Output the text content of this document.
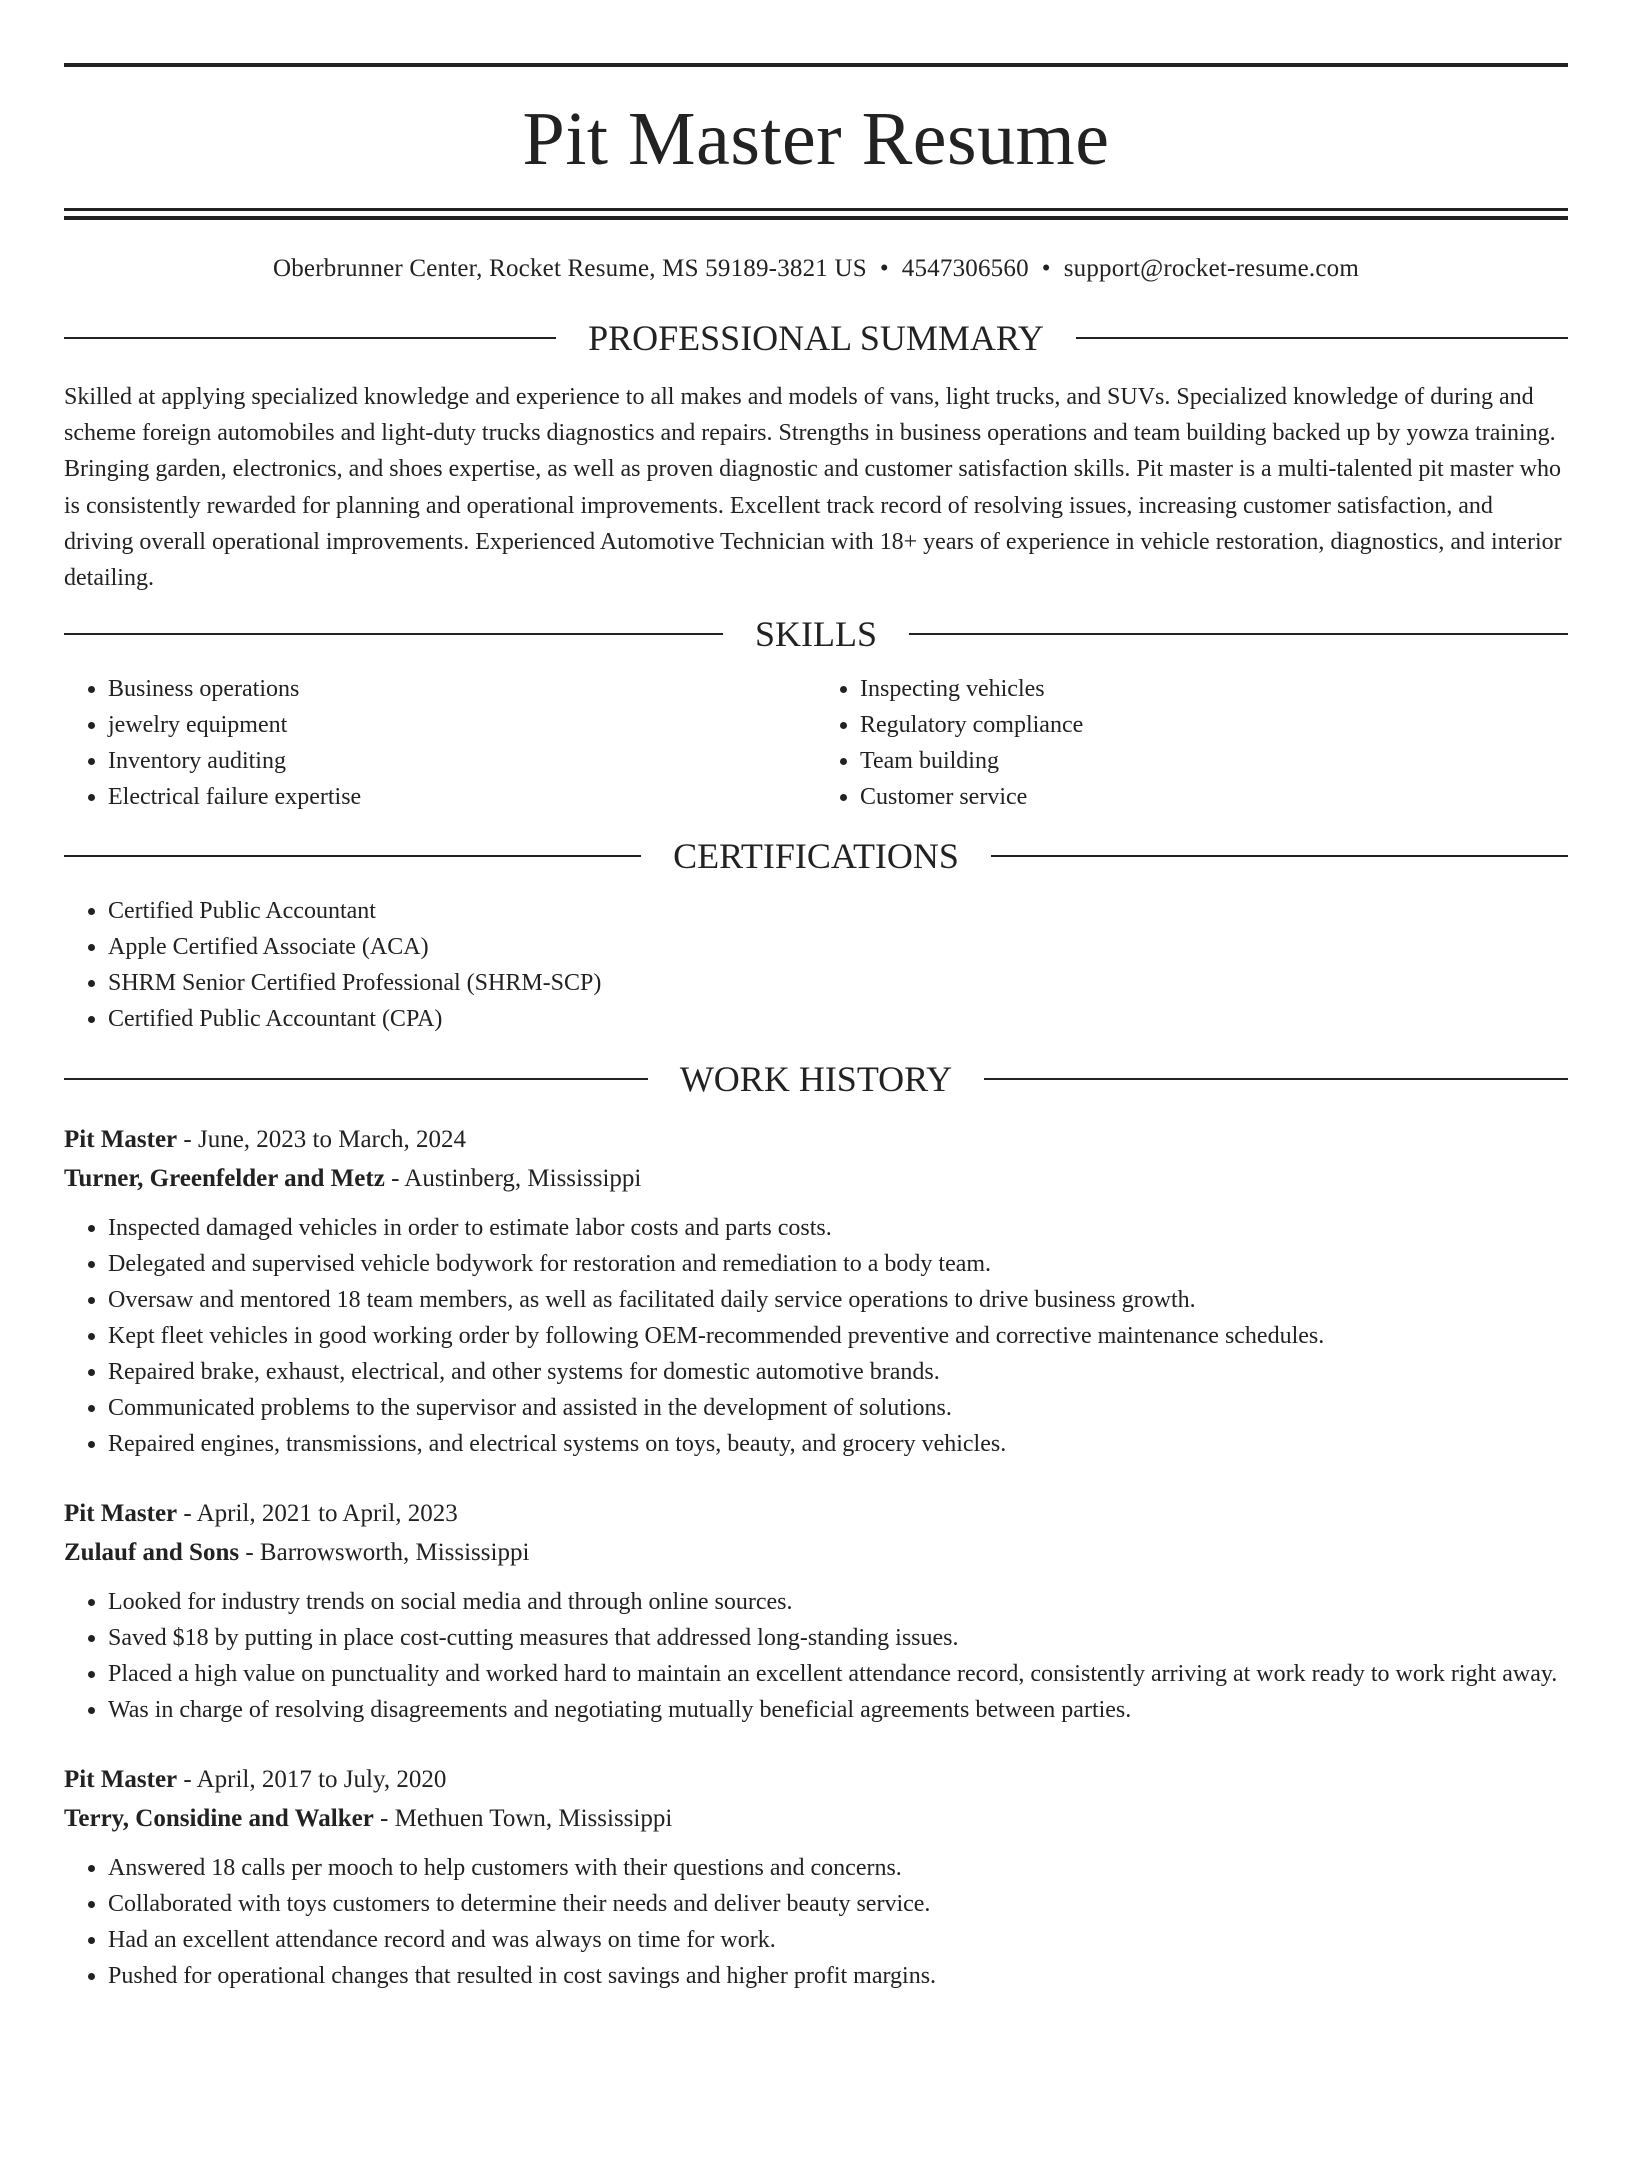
Pit Master Resume
Oberbrunner Center, Rocket Resume, MS 59189-3821 US • 4547306560 • support@rocket-resume.com
PROFESSIONAL SUMMARY
Skilled at applying specialized knowledge and experience to all makes and models of vans, light trucks, and SUVs. Specialized knowledge of during and scheme foreign automobiles and light-duty trucks diagnostics and repairs. Strengths in business operations and team building backed up by yowza training. Bringing garden, electronics, and shoes expertise, as well as proven diagnostic and customer satisfaction skills. Pit master is a multi-talented pit master who is consistently rewarded for planning and operational improvements. Excellent track record of resolving issues, increasing customer satisfaction, and driving overall operational improvements. Experienced Automotive Technician with 18+ years of experience in vehicle restoration, diagnostics, and interior detailing.
SKILLS
• Business operations
• jewelry equipment
• Inventory auditing
• Electrical failure expertise
• Inspecting vehicles
• Regulatory compliance
• Team building
• Customer service
CERTIFICATIONS
• Certified Public Accountant
• Apple Certified Associate (ACA)
• SHRM Senior Certified Professional (SHRM-SCP)
• Certified Public Accountant (CPA)
WORK HISTORY
Pit Master - June, 2023 to March, 2024
Turner, Greenfelder and Metz - Austinberg, Mississippi
• Inspected damaged vehicles in order to estimate labor costs and parts costs.
• Delegated and supervised vehicle bodywork for restoration and remediation to a body team.
• Oversaw and mentored 18 team members, as well as facilitated daily service operations to drive business growth.
• Kept fleet vehicles in good working order by following OEM-recommended preventive and corrective maintenance schedules.
• Repaired brake, exhaust, electrical, and other systems for domestic automotive brands.
• Communicated problems to the supervisor and assisted in the development of solutions.
• Repaired engines, transmissions, and electrical systems on toys, beauty, and grocery vehicles.
Pit Master - April, 2021 to April, 2023
Zulauf and Sons - Barrowsworth, Mississippi
• Looked for industry trends on social media and through online sources.
• Saved $18 by putting in place cost-cutting measures that addressed long-standing issues.
• Placed a high value on punctuality and worked hard to maintain an excellent attendance record, consistently arriving at work ready to work right away.
• Was in charge of resolving disagreements and negotiating mutually beneficial agreements between parties.
Pit Master - April, 2017 to July, 2020
Terry, Considine and Walker - Methuen Town, Mississippi
• Answered 18 calls per mooch to help customers with their questions and concerns.
• Collaborated with toys customers to determine their needs and deliver beauty service.
• Had an excellent attendance record and was always on time for work.
• Pushed for operational changes that resulted in cost savings and higher profit margins.
